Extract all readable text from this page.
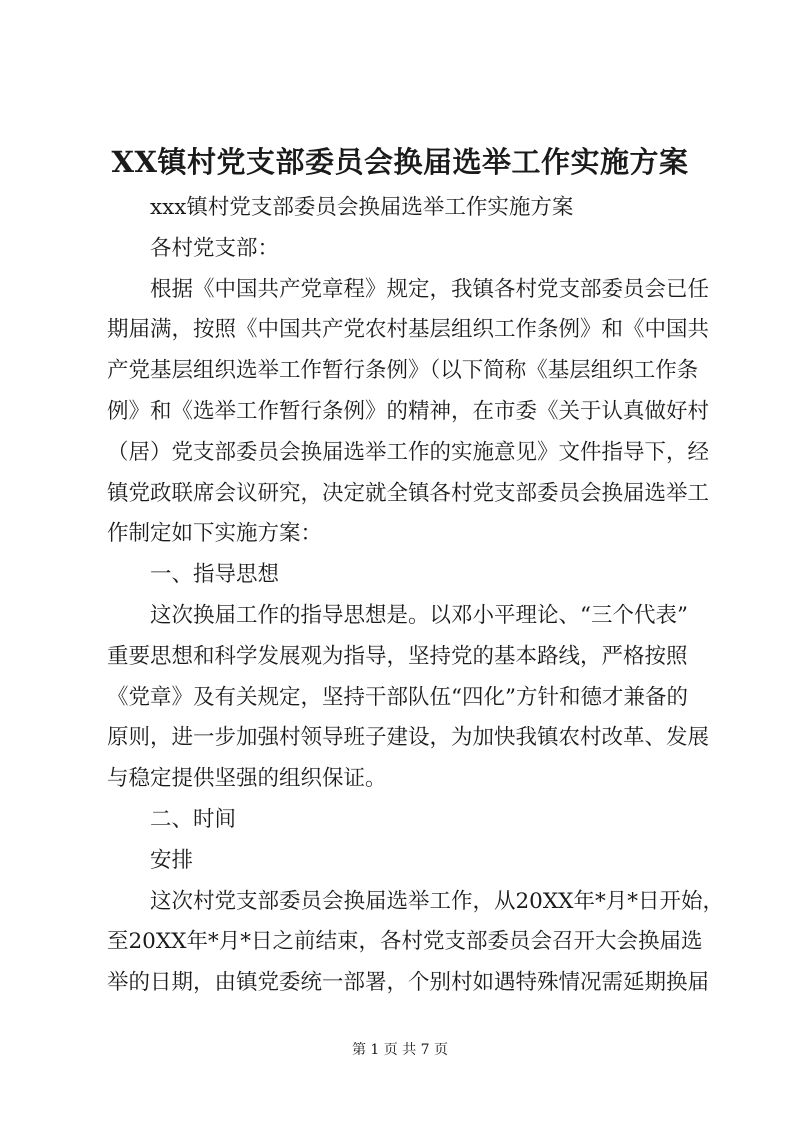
XX镇村党支部委员会换届选举工作实施方案
xxx镇村党支部委员会换届选举工作实施方案
各村党支部：
根据《中国共产党章程》规定，我镇各村党支部委员会已任
期届满，按照《中国共产党农村基层组织工作条例》和《中国共
产党基层组织选举工作暂行条例》（以下简称《基层组织工作条
例》和《选举工作暂行条例》的精神，在市委《关于认真做好村
（居）党支部委员会换届选举工作的实施意见》文件指导下，经
镇党政联席会议研究，决定就全镇各村党支部委员会换届选举工
作制定如下实施方案：
一、指导思想
这次换届工作的指导思想是。以邓小平理论、“三个代表”
重要思想和科学发展观为指导，坚持党的基本路线，严格按照
《党章》及有关规定，坚持干部队伍“四化”方针和德才兼备的
原则，进一步加强村领导班子建设，为加快我镇农村改革、发展
与稳定提供坚强的组织保证。
二、时间
安排
这次村党支部委员会换届选举工作，从20XX年*月*日开始，
至20XX年*月*日之前结束，各村党支部委员会召开大会换届选
举的日期，由镇党委统一部署，个别村如遇特殊情况需延期换届
第 1 页 共 7 页
